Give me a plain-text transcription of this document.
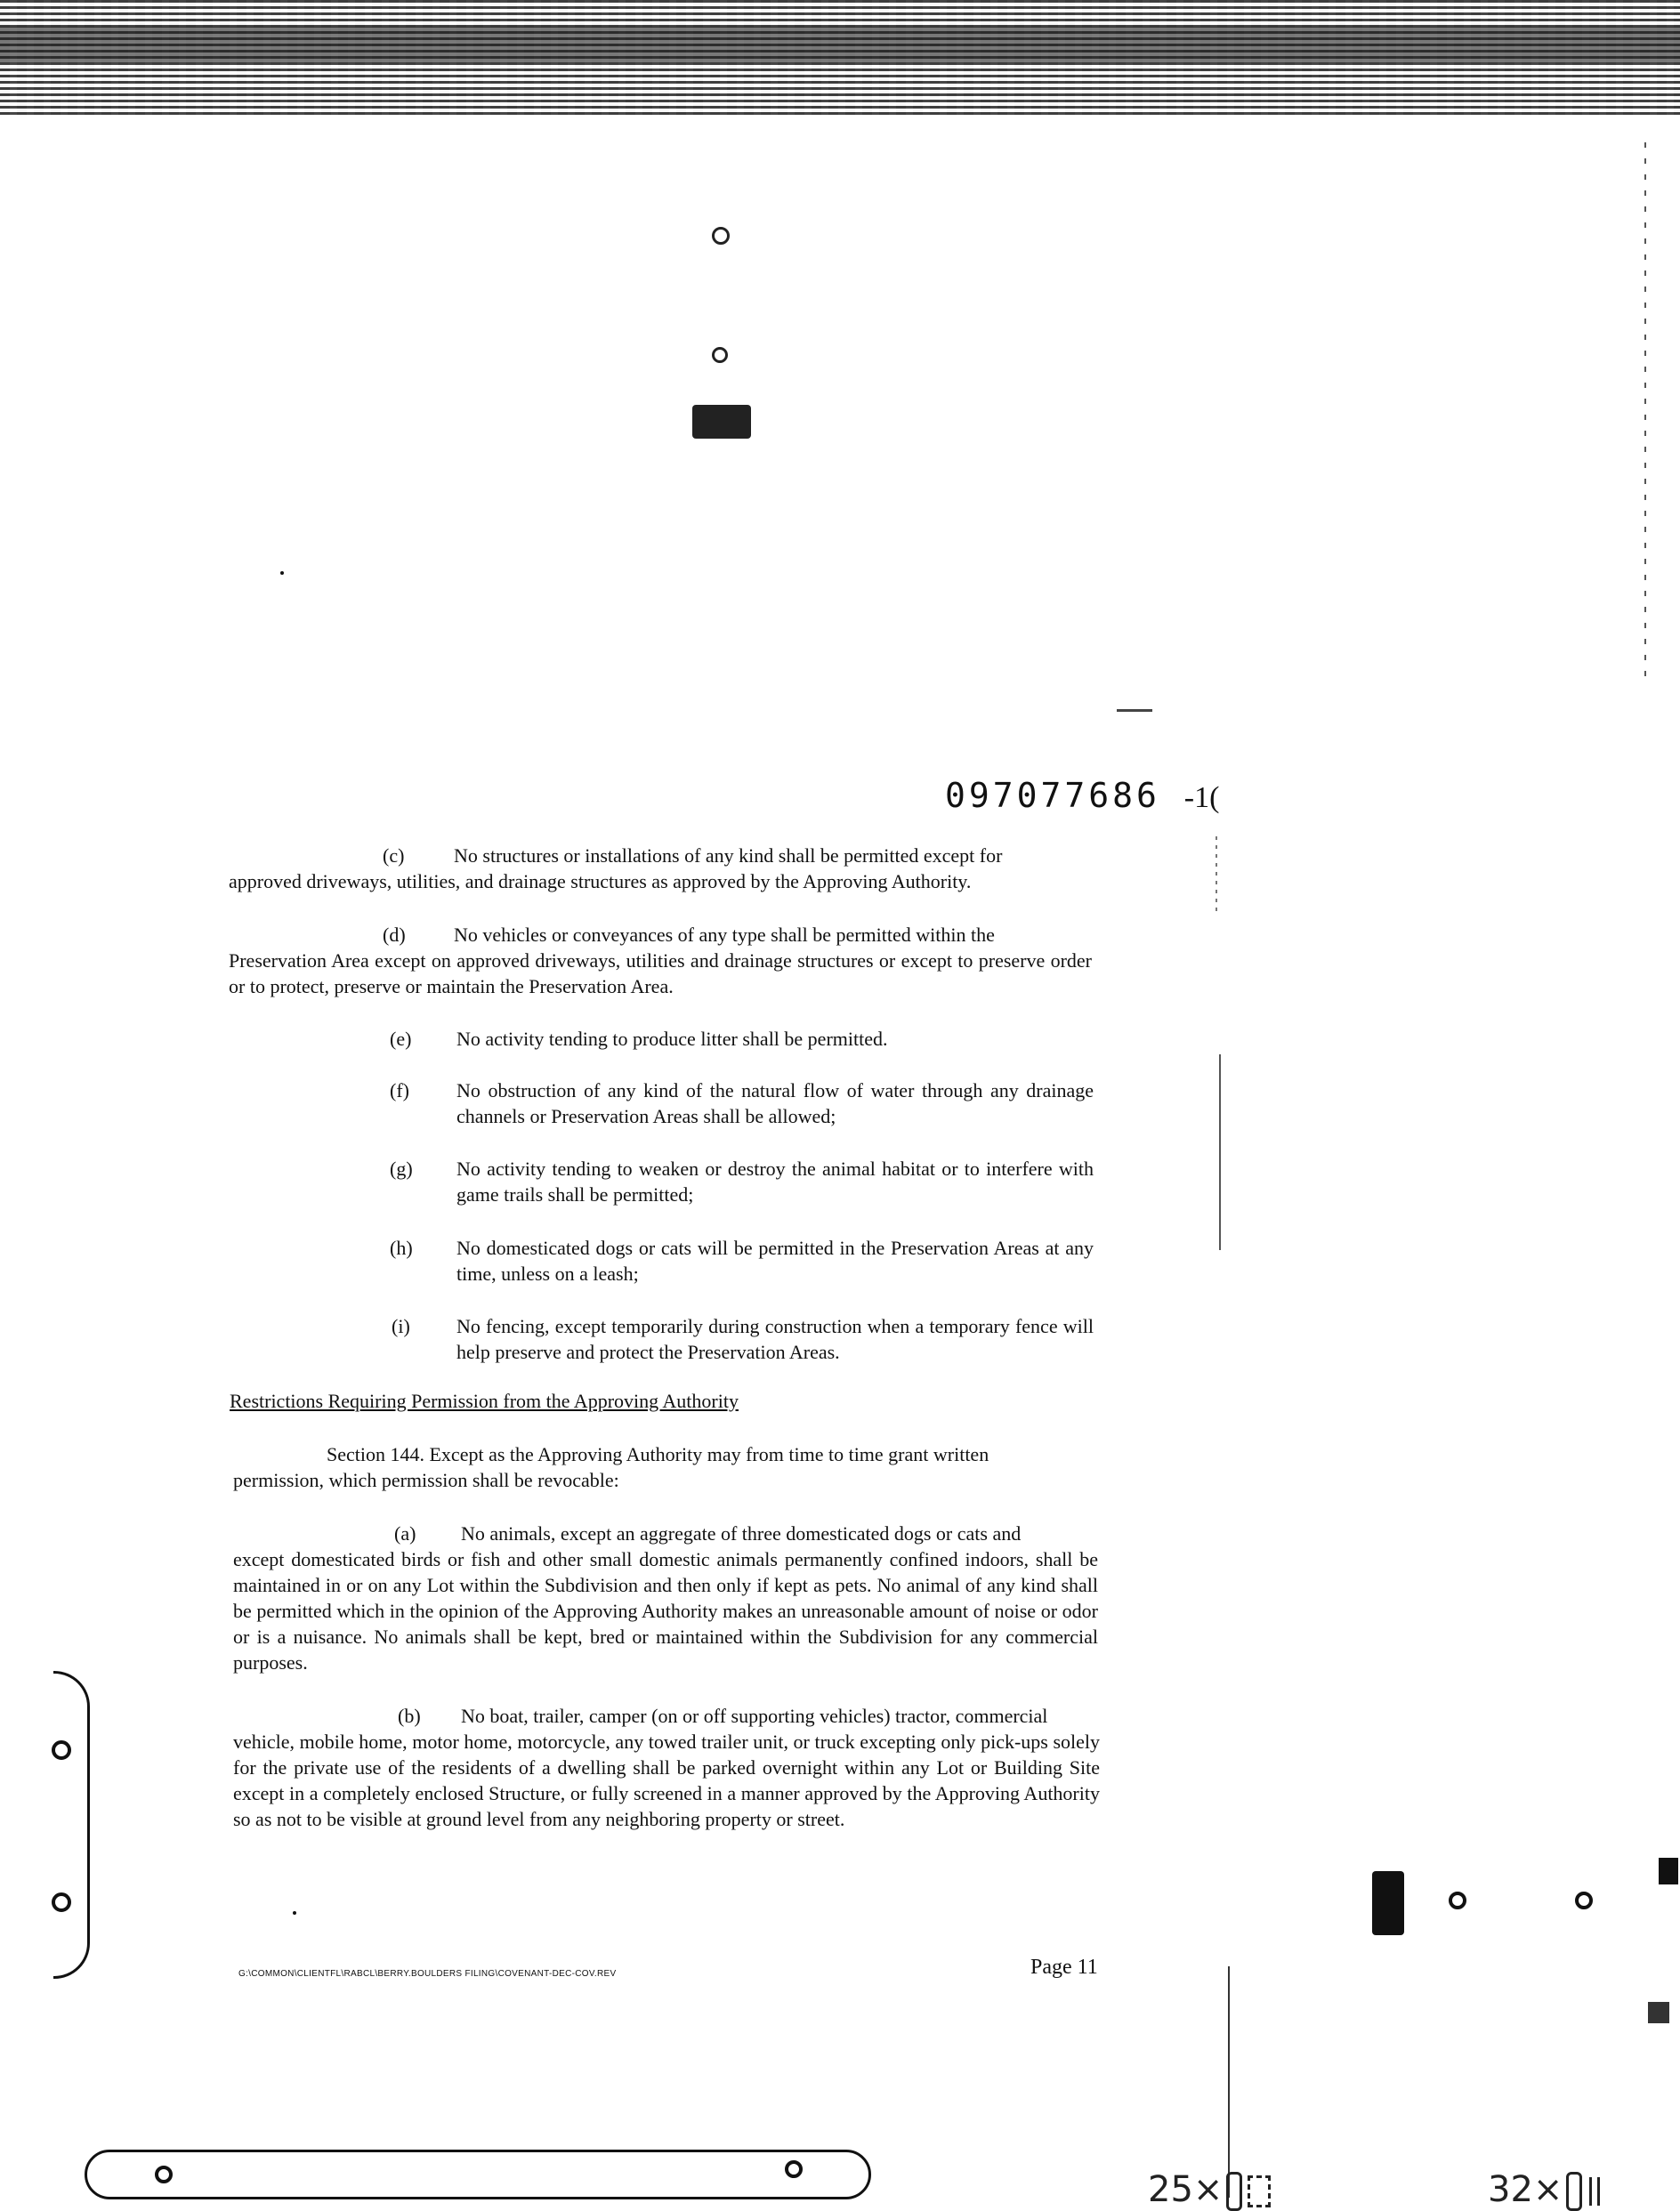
097077686 -1(
(c)	No structures or installations of any kind shall be permitted except for
approved driveways, utilities, and drainage structures as approved by the Approving Authority.
(d) No vehicles or conveyances of any type shall be permitted within the
Preservation Area except on approved driveways, utilities and drainage structures or except to preserve order or to protect, preserve or maintain the Preservation Area.
(e) No activity tending to produce litter shall be permitted.
(f) No obstruction of any kind of the natural flow of water through any drainage channels or Preservation Areas shall be allowed;
(g) No activity tending to weaken or destroy the animal habitat or to interfere with game trails shall be permitted;
(h) No domesticated dogs or cats will be permitted in the Preservation Areas at any time, unless on a leash;
(i) No fencing, except temporarily during construction when a temporary fence will help preserve and protect the Preservation Areas.
Restrictions Requiring Permission from the Approving Authority
Section 144. Except as the Approving Authority may from time to time grant written
permission, which permission shall be revocable:
(a) No animals, except an aggregate of three domesticated dogs or cats and
except domesticated birds or fish and other small domestic animals permanently confined indoors, shall be maintained in or on any Lot within the Subdivision and then only if kept as pets. No animal of any kind shall be permitted which in the opinion of the Approving Authority makes an unreasonable amount of noise or odor or is a nuisance. No animals shall be kept, bred or maintained within the Subdivision for any commercial purposes.
(b) No boat, trailer, camper (on or off supporting vehicles) tractor, commercial
vehicle, mobile home, motor home, motorcycle, any towed trailer unit, or truck excepting only pick-ups solely for the private use of the residents of a dwelling shall be parked overnight within any Lot or Building Site except in a completely enclosed Structure, or fully screened in a manner approved by the Approving Authority so as not to be visible at ground level from any neighboring property or street.
G:\COMMON\CLIENTFL\RABCL\BERRY.BOULDERS FILING\COVENANT-DEC-COV.REV	Page 11
25×	32×
